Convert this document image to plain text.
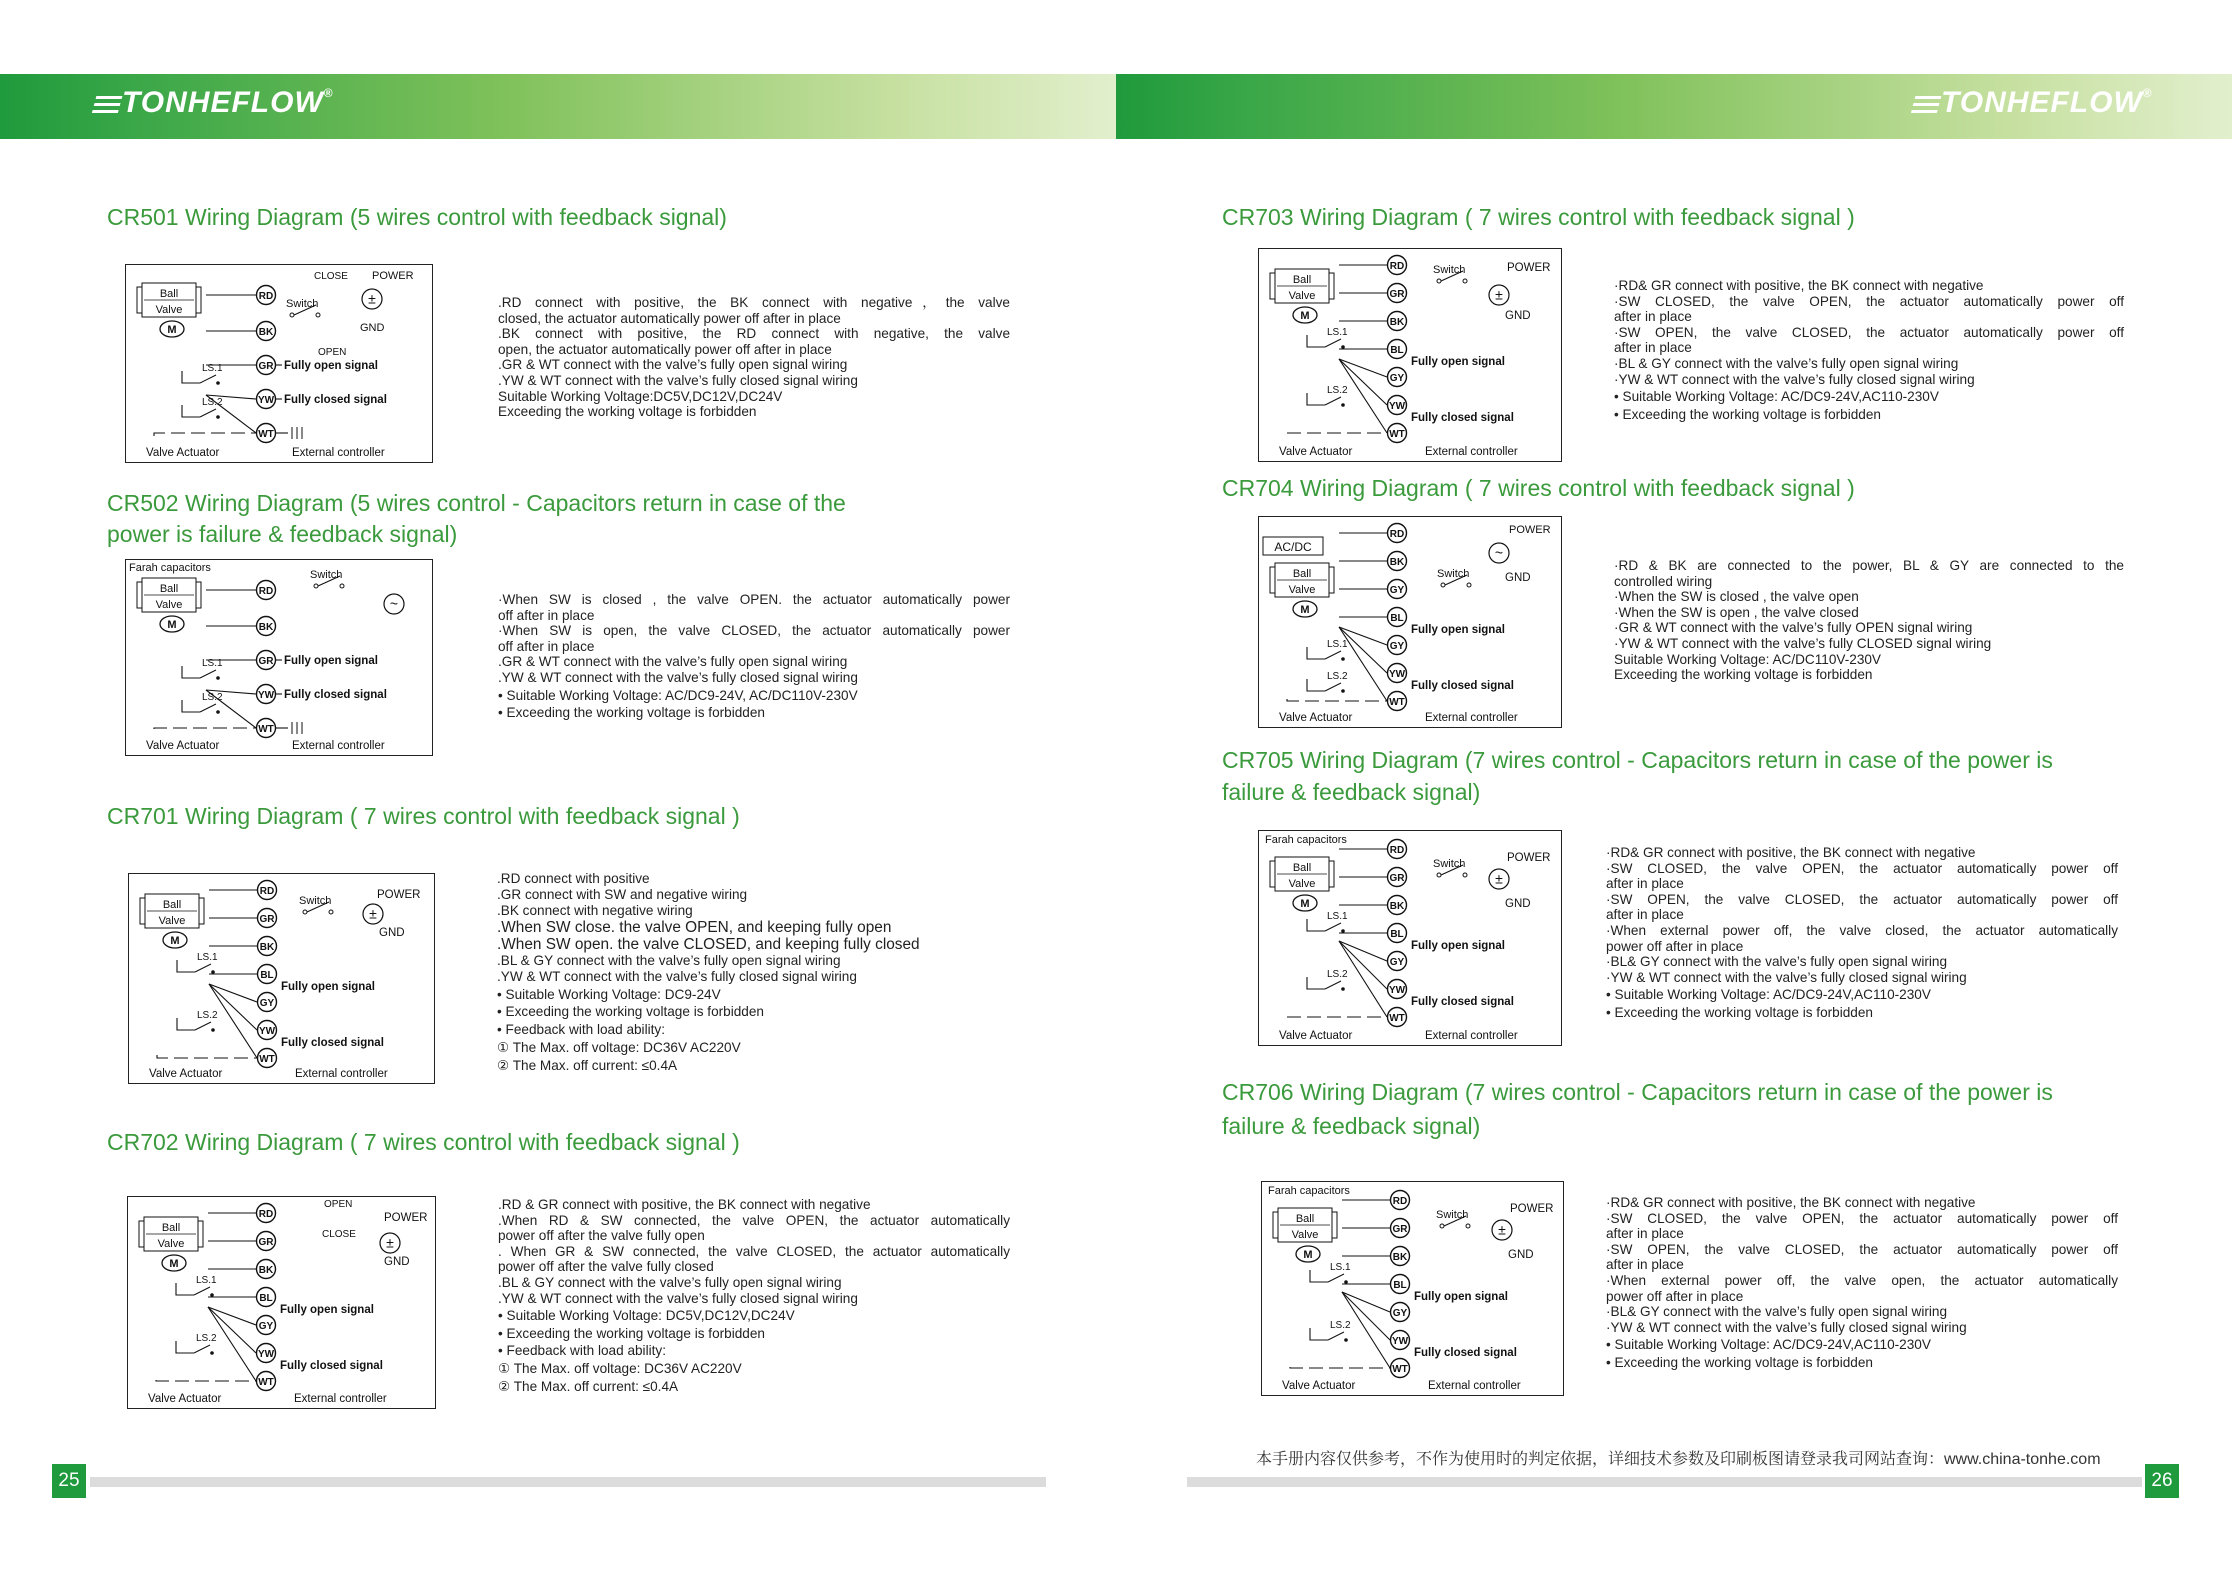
TONHEFLOW®	TONHEFLOW®
CR501 Wiring Diagram (5 wires control with feedback signal)
CR502 Wiring Diagram (5 wires control - Capacitors return in case of the
power is failure & feedback signal)
CR701 Wiring Diagram ( 7 wires control with feedback signal )
CR702 Wiring Diagram ( 7 wires control with feedback signal )
CR703 Wiring Diagram ( 7 wires control with feedback signal )
CR704 Wiring Diagram ( 7 wires control with feedback signal )
CR705 Wiring Diagram (7 wires control - Capacitors return in case of the power is
failure & feedback signal)
CR706 Wiring Diagram (7 wires control - Capacitors return in case of the power is
failure & feedback signal)
.RD connect with positive, the BK connect with negative，the valve
closed, the actuator automatically power off after in place
.BK connect with positive, the RD connect with negative, the valve
open, the actuator automatically power off after in place
.GR & WT connect with the valve’s fully open signal wiring
.YW & WT connect with the valve’s fully closed signal wiring
Suitable Working Voltage:DC5V,DC12V,DC24V
Exceeding the working voltage is forbidden
·When SW is closed , the valve OPEN. the actuator automatically power
off after in place
·When SW is open, the valve CLOSED, the actuator automatically power
off after in place
.GR & WT connect with the valve’s fully open signal wiring
.YW & WT connect with the valve’s fully closed signal wiring
• Suitable Working Voltage: AC/DC9-24V, AC/DC110V-230V
• Exceeding the working voltage is forbidden
.RD connect with positive
.GR connect with SW and negative wiring
.BK connect with negative wiring
.When SW close. the valve OPEN, and keeping fully open
.When SW open. the valve CLOSED, and keeping fully closed
.BL & GY connect with the valve’s fully open signal wiring
.YW & WT connect with the valve’s fully closed signal wiring
• Suitable Working Voltage: DC9-24V
• Exceeding the working voltage is forbidden
• Feedback with load ability:
① The Max. off voltage: DC36V AC220V
② The Max. off current: ≤0.4A
.RD & GR connect with positive, the BK connect with negative
.When RD & SW connected, the valve OPEN, the actuator automatically
power off after the valve fully open
. When GR & SW connected, the valve CLOSED, the actuator automatically
power off after the valve fully closed
.BL & GY connect with the valve’s fully open signal wiring
.YW & WT connect with the valve’s fully closed signal wiring
• Suitable Working Voltage: DC5V,DC12V,DC24V
• Exceeding the working voltage is forbidden
• Feedback with load ability:
① The Max. off voltage: DC36V AC220V
② The Max. off current: ≤0.4A
·RD& GR connect with positive, the BK connect with negative
·SW CLOSED, the valve OPEN, the actuator automatically power off
after in place
·SW OPEN, the valve CLOSED, the actuator automatically power off
after in place
·BL & GY connect with the valve’s fully open signal wiring
·YW & WT connect with the valve’s fully closed signal wiring
• Suitable Working Voltage: AC/DC9-24V,AC110-230V
• Exceeding the working voltage is forbidden
·RD & BK are connected to the power, BL & GY are connected to the
controlled wiring
·When the SW is closed , the valve open
·When the SW is open , the valve closed
·GR & WT connect with the valve’s fully OPEN signal wiring
·YW & WT connect with the valve’s fully CLOSED signal wiring
Suitable Working Voltage: AC/DC110V-230V
Exceeding the working voltage is forbidden
·RD& GR connect with positive, the BK connect with negative
·SW CLOSED, the valve OPEN, the actuator automatically power off
after in place
·SW OPEN, the valve CLOSED, the actuator automatically power off
after in place
·When external power off, the valve closed, the actuator automatically
power off after in place
·BL& GY connect with the valve’s fully open signal wiring
·YW & WT connect with the valve’s fully closed signal wiring
• Suitable Working Voltage: AC/DC9-24V,AC110-230V
• Exceeding the working voltage is forbidden
·RD& GR connect with positive, the BK connect with negative
·SW CLOSED, the valve OPEN, the actuator automatically power off
after in place
·SW OPEN, the valve CLOSED, the actuator automatically power off
after in place
·When external power off, the valve open, the actuator automatically
power off after in place
·BL& GY connect with the valve’s fully open signal wiring
·YW & WT connect with the valve’s fully closed signal wiring
• Suitable Working Voltage: AC/DC9-24V,AC110-230V
• Exceeding the working voltage is forbidden
Ball
Valve
M
RD
BK
GR
YW
WT
LS.1
LS.2
Fully open signal
Fully closed signal
Valve Actuator	External controller
CLOSE POWER
Switch	±
GND
OPEN
Ball
Valve
M
RD
BK
GR
YW
WT
LS.1
LS.2
Fully open signal
Fully closed signal
Valve Actuator	External controller
Farah capacitors
Switch
~
Ball
Valve
M
RD
GR
BK
BL
GY
YW
WT
LS.1
LS.2
Fully open signal
Fully closed signal
Valve Actuator	External controller
POWER
Switch
±
GND
Ball
Valve
M
RD
GR
BK
BL
GY
YW
WT
LS.1
LS.2
Fully open signal
Fully closed signal
Valve Actuator	External controller
OPEN
POWER
CLOSE ±
GND
Ball
Valve
M
RD
GR
BK
BL
GY
YW
WT
LS.1
LS.2
Fully open signal
Fully closed signal
Valve Actuator	External controller
POWER
Switch
±
GND
Ball
Valve
M
RD
BK
GY
BL
GY
YW
WT
LS.1
LS.2
Fully open signal
Fully closed signal
Valve Actuator	External controller
AC/DC
POWER
~
GND
Switch
Ball
Valve
M
RD
GR
BK
BL
GY
YW
WT
LS.1
LS.2
Fully open signal
Fully closed signal
Valve Actuator	External controller
Farah capacitors
POWER
Switch
±
GND
Ball
Valve
M
RD
GR
BK
BL
GY
YW
WT
LS.1
LS.2
Fully open signal
Fully closed signal
Valve Actuator	External controller
Farah capacitors
POWER
Switch
±
GND
本手册内容仅供参考，不作为使用时的判定依据，详细技术参数及印刷板图请登录我司网站查询：www.china-tonhe.com
25	26
